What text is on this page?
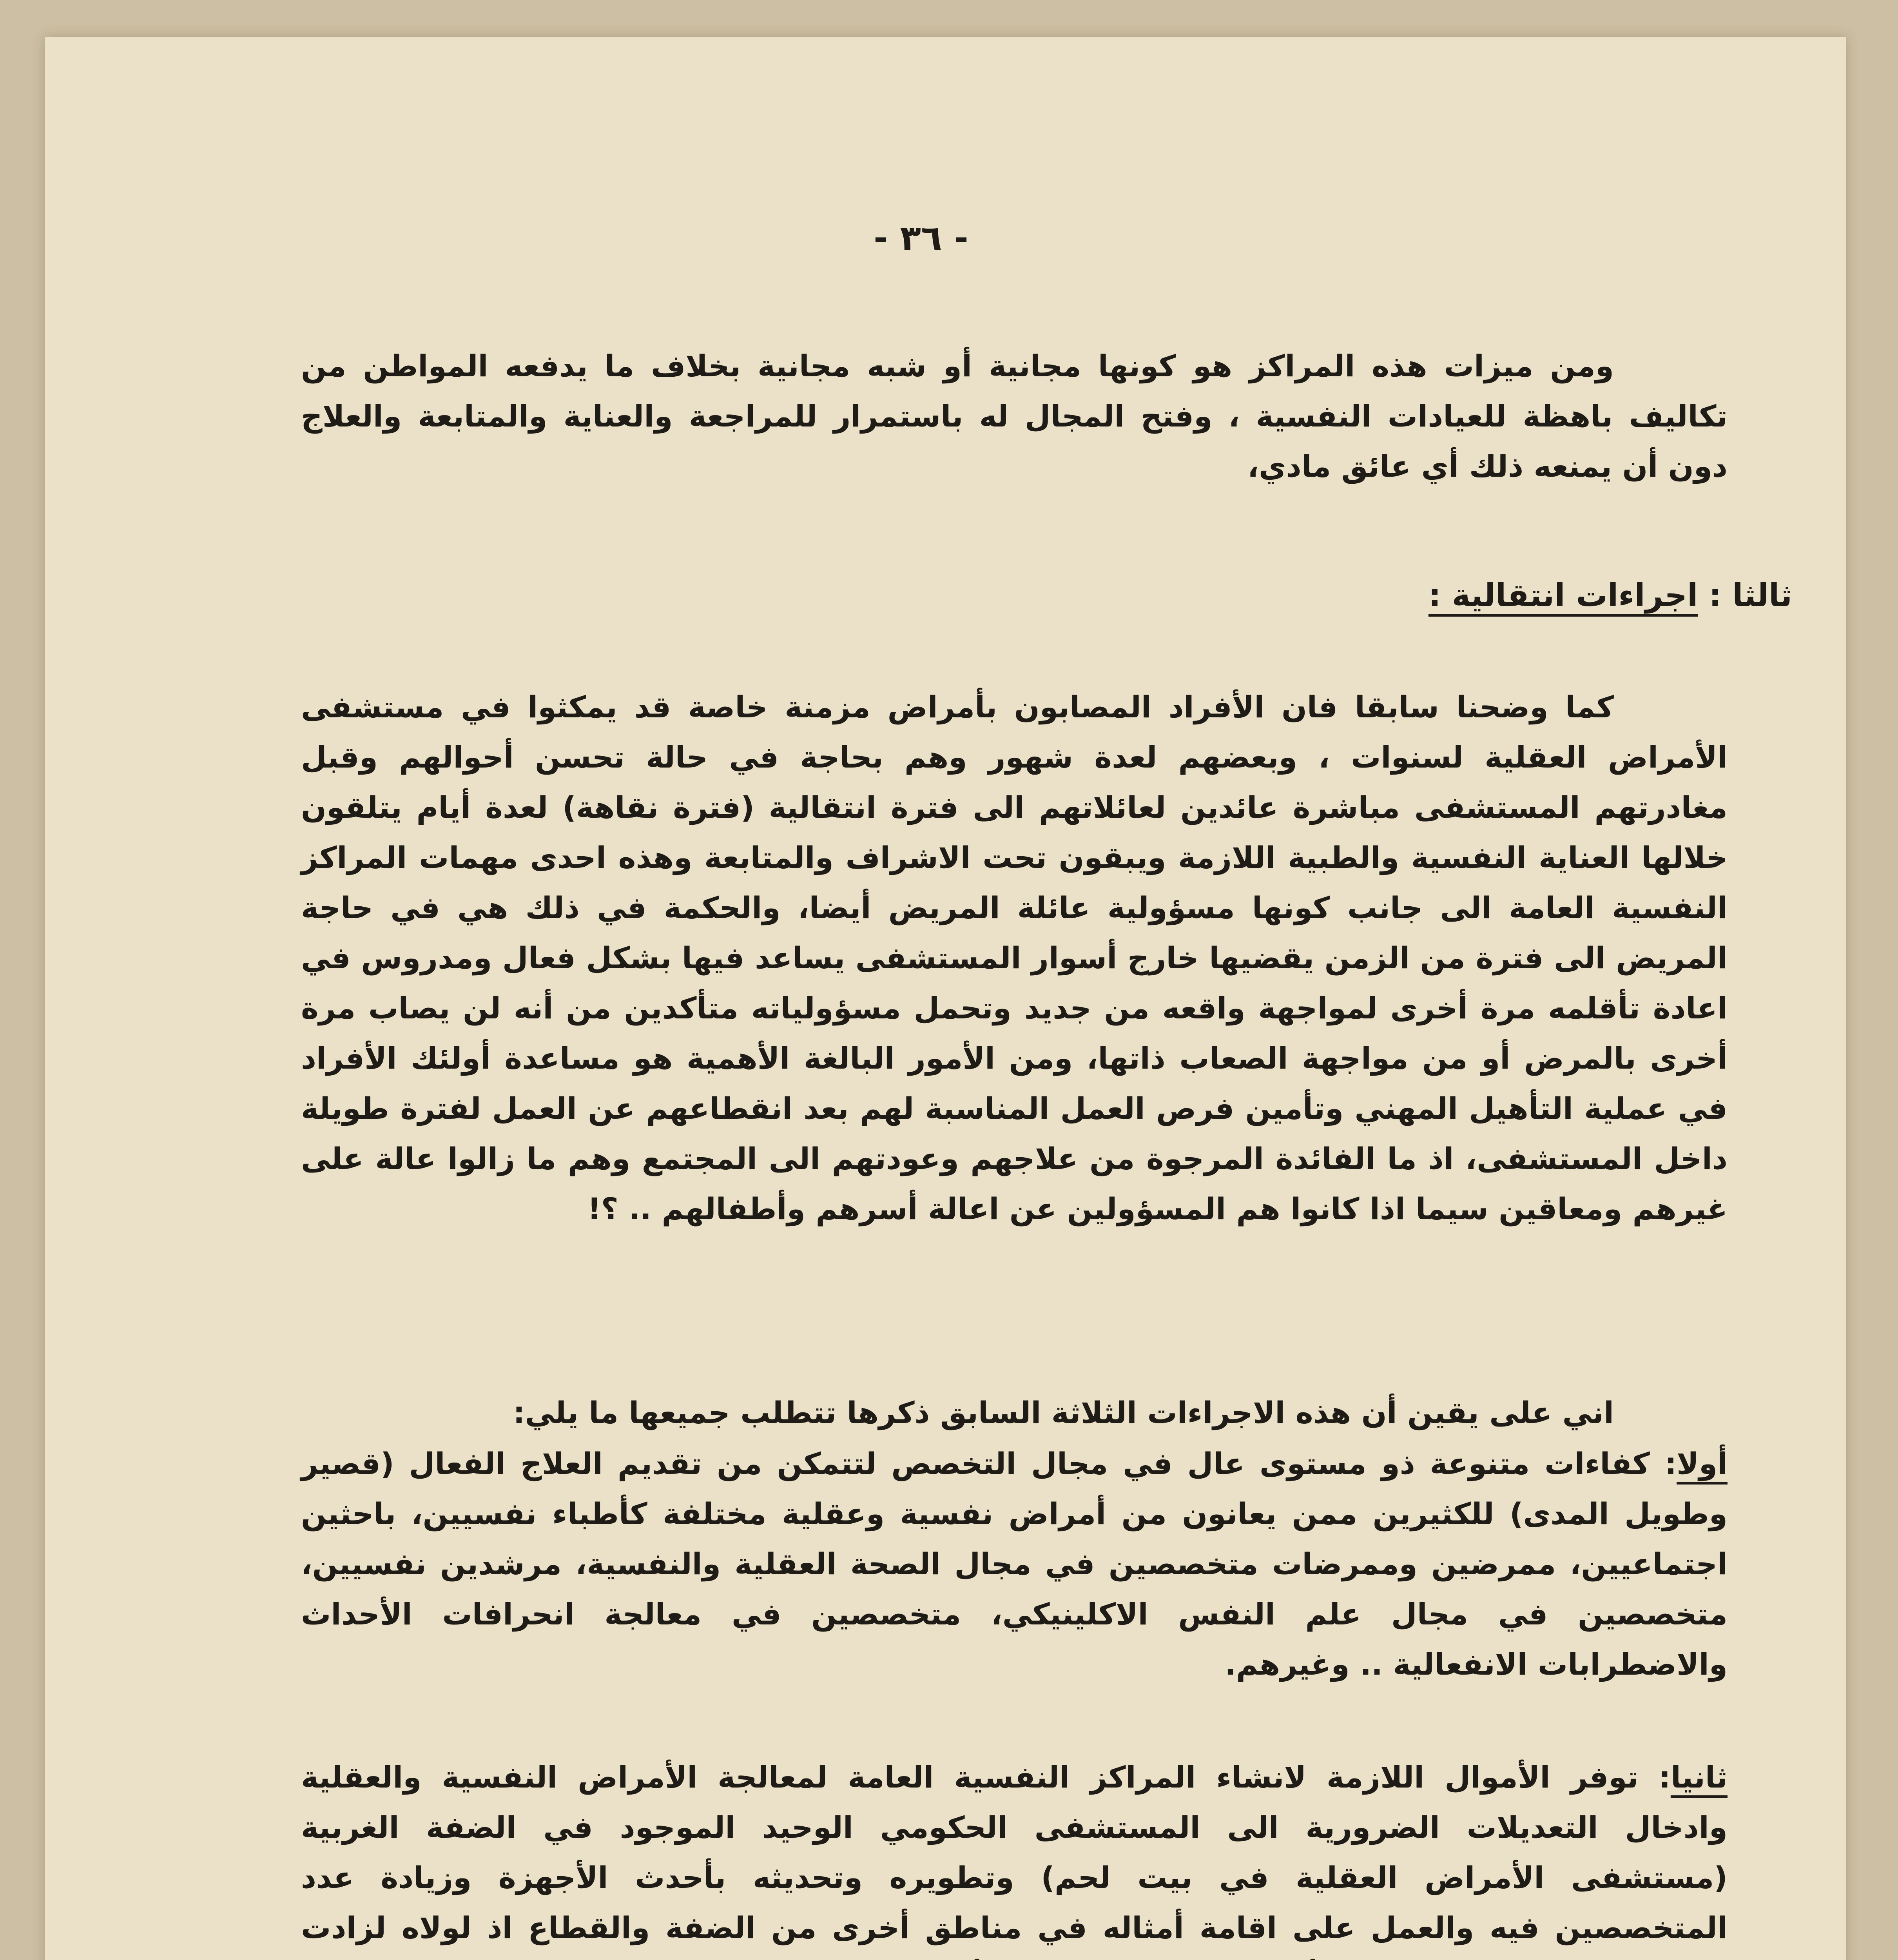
- ٣٦ -

ومن ميزات هذه المراكز هو كونها مجانية أو شبه مجانية بخلاف ما يدفعه المواطن من تكاليف باهظة للعيادات النفسية ، وفتح المجال له باستمرار للمراجعة والعناية والمتابعة والعلاج دون أن يمنعه ذلك أي عائق مادي،

ثالثا : اجراءات انتقالية :

كما وضحنا سابقا فان الأفراد المصابون بأمراض مزمنة خاصة قد يمكثوا في مستشفى الأمراض العقلية لسنوات ، وبعضهم لعدة شهور وهم بحاجة في حالة تحسن أحوالهم وقبل مغادرتهم المستشفى مباشرة عائدين لعائلاتهم الى فترة انتقالية (فترة نقاهة) لعدة أيام يتلقون خلالها العناية النفسية والطبية اللازمة ويبقون تحت الاشراف والمتابعة وهذه احدى مهمات المراكز النفسية العامة الى جانب كونها مسؤولية عائلة المريض أيضا، والحكمة في ذلك هي في حاجة المريض الى فترة من الزمن يقضيها خارج أسوار المستشفى يساعد فيها بشكل فعال ومدروس في اعادة تأقلمه مرة أخرى لمواجهة واقعه من جديد وتحمل مسؤولياته متأكدين من أنه لن يصاب مرة أخرى بالمرض أو من مواجهة الصعاب ذاتها، ومن الأمور البالغة الأهمية هو مساعدة أولئك الأفراد في عملية التأهيل المهني وتأمين فرص العمل المناسبة لهم بعد انقطاعهم عن العمل لفترة طويلة داخل المستشفى، اذ ما الفائدة المرجوة من علاجهم وعودتهم الى المجتمع وهم ما زالوا عالة على غيرهم ومعاقين سيما اذا كانوا هم المسؤولين عن اعالة أسرهم وأطفالهم .. ؟!

اني على يقين أن هذه الاجراءات الثلاثة السابق ذكرها تتطلب جميعها ما يلي:

أولا: كفاءات متنوعة ذو مستوى عال في مجال التخصص لتتمكن من تقديم العلاج الفعال (قصير وطويل المدى) للكثيرين ممن يعانون من أمراض نفسية وعقلية مختلفة كأطباء نفسيين، باحثين اجتماعيين، ممرضين وممرضات متخصصين في مجال الصحة العقلية والنفسية، مرشدين نفسيين، متخصصين في مجال علم النفس الاكلينيكي، متخصصين في معالجة انحرافات الأحداث والاضطرابات الانفعالية .. وغيرهم.

ثانيا: توفر الأموال اللازمة لانشاء المراكز النفسية العامة لمعالجة الأمراض النفسية والعقلية وادخال التعديلات الضرورية الى المستشفى الحكومي الوحيد الموجود في الضفة الغربية (مستشفى الأمراض العقلية في بيت لحم) وتطويره وتحديثه بأحدث الأجهزة وزيادة عدد المتخصصين فيه والعمل على اقامة أمثاله في مناطق أخرى من الضفة والقطاع اذ لولاه لزادت
